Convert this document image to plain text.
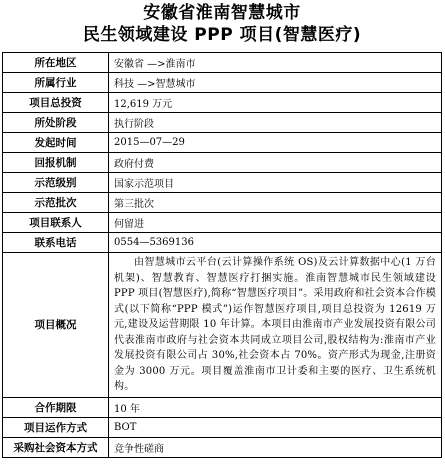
安徽省淮南智慧城市
民生领域建设 PPP 项目(智慧医疗)
所在地区	安徽省 —>淮南市
所属行业	科技 —>智慧城市
项目总投资	12,619 万元
所处阶段	执行阶段
发起时间	2015—07—29
回报机制	政府付费
示范级别	国家示范项目
示范批次	第三批次
项目联系人	何留进
联系电话	0554—5369136
项目概况	由智慧城市云平台(云计算操作系统 OS)及云计算数据中心(1 万台机架)、智慧教育、智慧医疗打捆实施。淮南智慧城市民生领域建设 PPP 项目(智慧医疗),简称“智慧医疗项目”。采用政府和社会资本合作模式(以下简称“PPP 模式”)运作智慧医疗项目,项目总投资为 12619 万元,建设及运营期限 10 年计算。本项目由淮南市产业发展投资有限公司代表淮南市政府与社会资本共同成立项目公司,股权结构为:淮南市产业发展投资有限公司占 30%,社会资本占 70%。资产形式为现金,注册资金为 3000 万元。项目覆盖淮南市卫计委和主要的医疗、卫生系统机构。
合作期限	10 年
项目运作方式	BOT
采购社会资本方式	竞争性磋商
